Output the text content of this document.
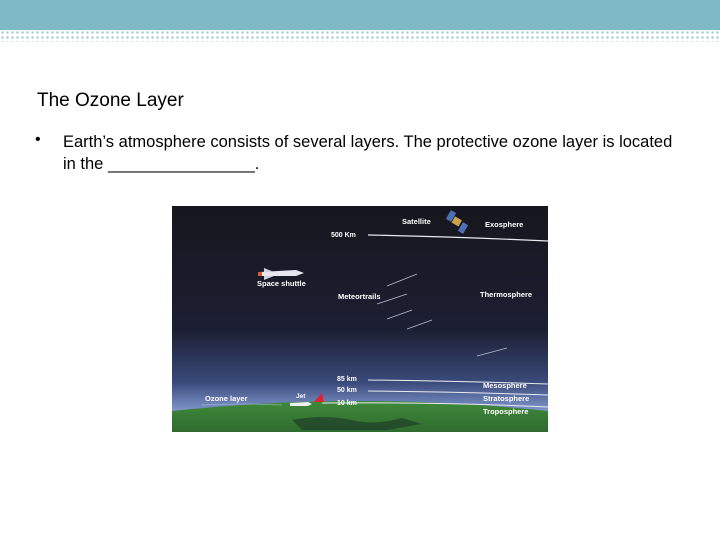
The Ozone Layer
• Earth’s atmosphere consists of several layers. The protective ozone layer is located in the ________________.
Satellite	Exosphere
500 Km
Space shuttle
Meteortrails	Thermosphere
85 km
50 km
10 km
Mesosphere
Stratosphere
Troposphere
Ozone layer	Jet
